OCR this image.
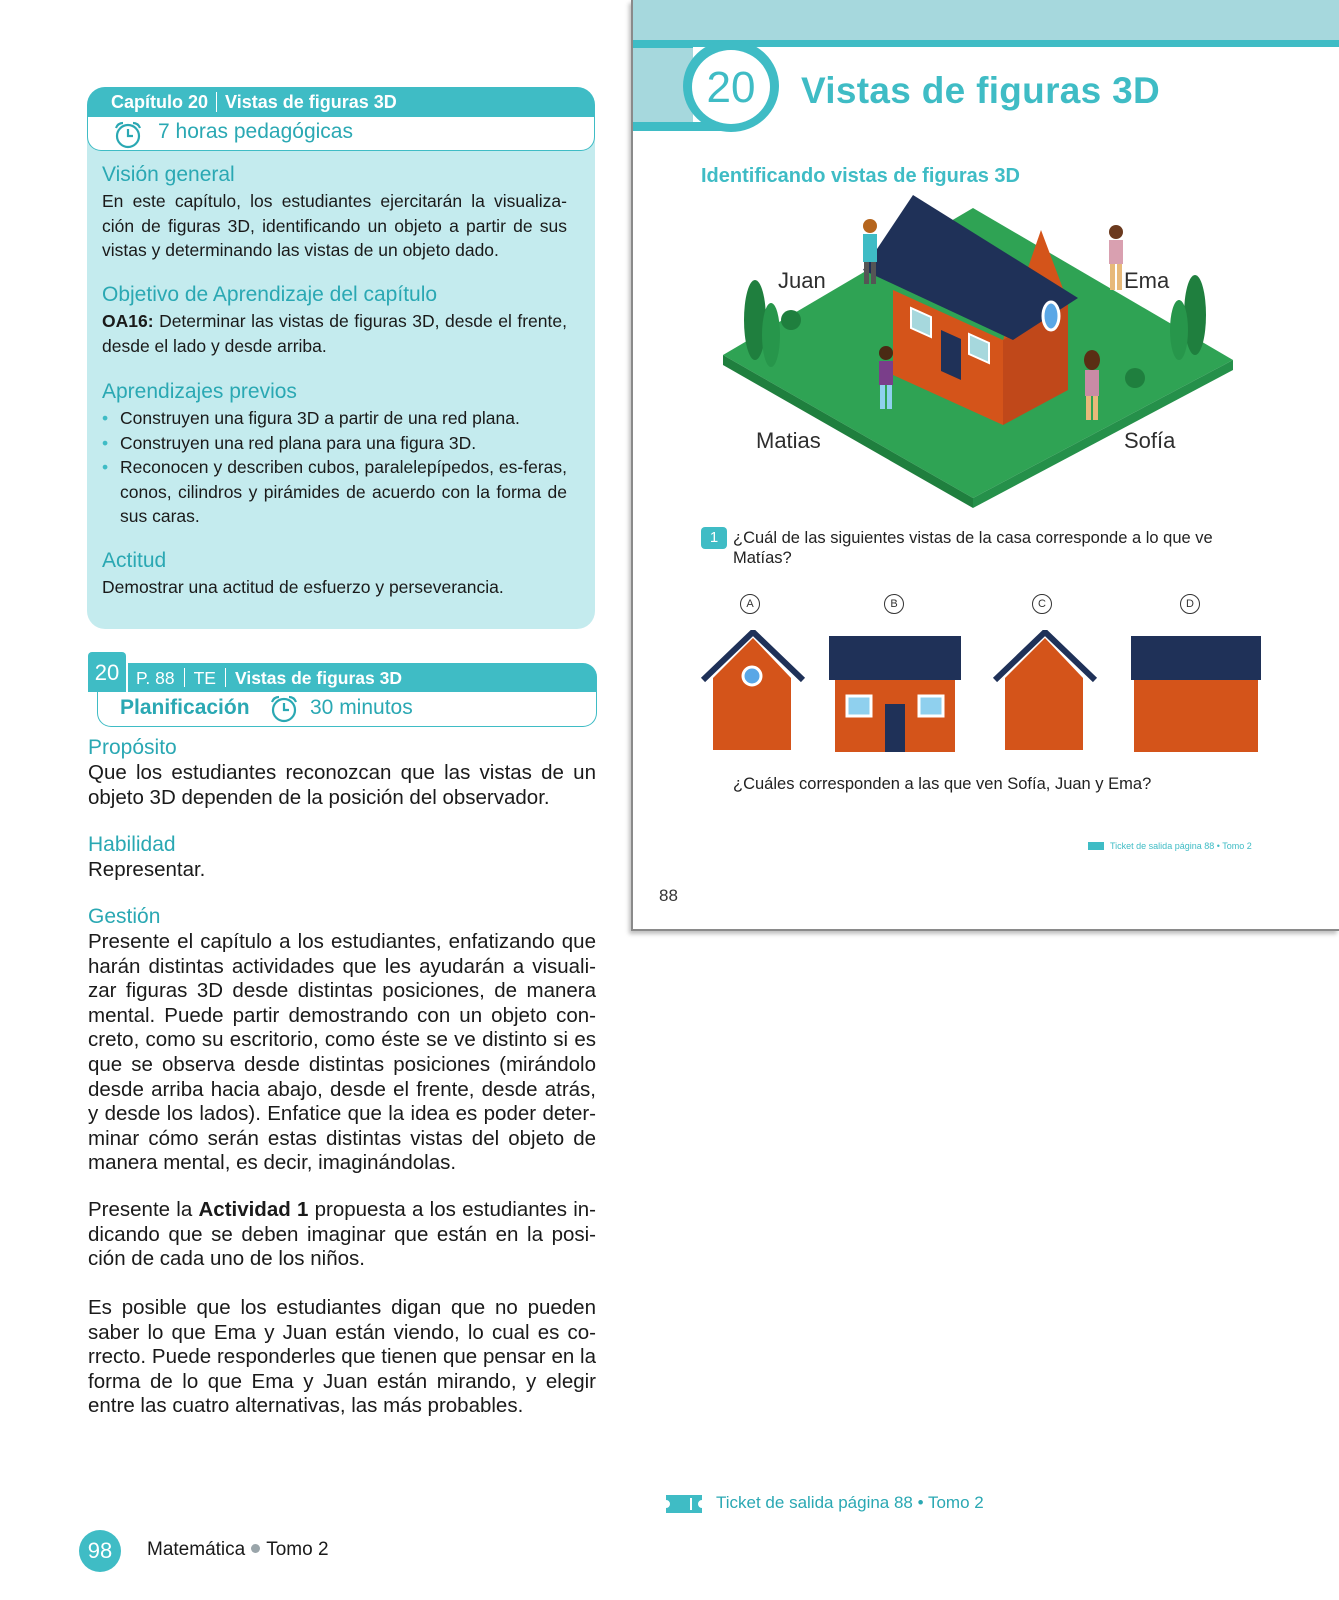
Capítulo 20 Vistas de figuras 3D
7 horas pedagógicas
Visión general
En este capítulo, los estudiantes ejercitarán la visualiza-ción de figuras 3D, identificando un objeto a partir de sus vistas y determinando las vistas de un objeto dado.
Objetivo de Aprendizaje del capítulo
OA16: Determinar las vistas de figuras 3D, desde el frente, desde el lado y desde arriba.
Aprendizajes previos
• Construyen una figura 3D a partir de una red plana.
• Construyen una red plana para una figura 3D.
• Reconocen y describen cubos, paralelepípedos, es-feras, conos, cilindros y pirámides de acuerdo con la forma de sus caras.
Actitud
Demostrar una actitud de esfuerzo y perseverancia.
20 P. 88 TE Vistas de figuras 3D
Planificación	30 minutos
Propósito
Que los estudiantes reconozcan que las vistas de un objeto 3D dependen de la posición del observador.
Habilidad
Representar.
Gestión
Presente el capítulo a los estudiantes, enfatizando que harán distintas actividades que les ayudarán a visuali-zar figuras 3D desde distintas posiciones, de manera mental. Puede partir demostrando con un objeto con-creto, como su escritorio, como éste se ve distinto si es que se observa desde distintas posiciones (mirándolo desde arriba hacia abajo, desde el frente, desde atrás, y desde los lados). Enfatice que la idea es poder deter-minar cómo serán estas distintas vistas del objeto de manera mental, es decir, imaginándolas.
Presente la Actividad 1 propuesta a los estudiantes in-dicando que se deben imaginar que están en la posi-ción de cada uno de los niños.
Es posible que los estudiantes digan que no pueden saber lo que Ema y Juan están viendo, lo cual es co-rrecto. Puede responderles que tienen que pensar en la forma de lo que Ema y Juan están mirando, y elegir entre las cuatro alternativas, las más probables.
98	Matemática Tomo 2
Ticket de salida página 88 • Tomo 2
20	Vistas de figuras 3D
Identificando vistas de figuras 3D
Juan	Ema
Matias	Sofía
1 ¿Cuál de las siguientes vistas de la casa corresponde a lo que ve Matías?
A	B	C	D
¿Cuáles corresponden a las que ven Sofía, Juan y Ema?
Ticket de salida página 88 • Tomo 2
88
